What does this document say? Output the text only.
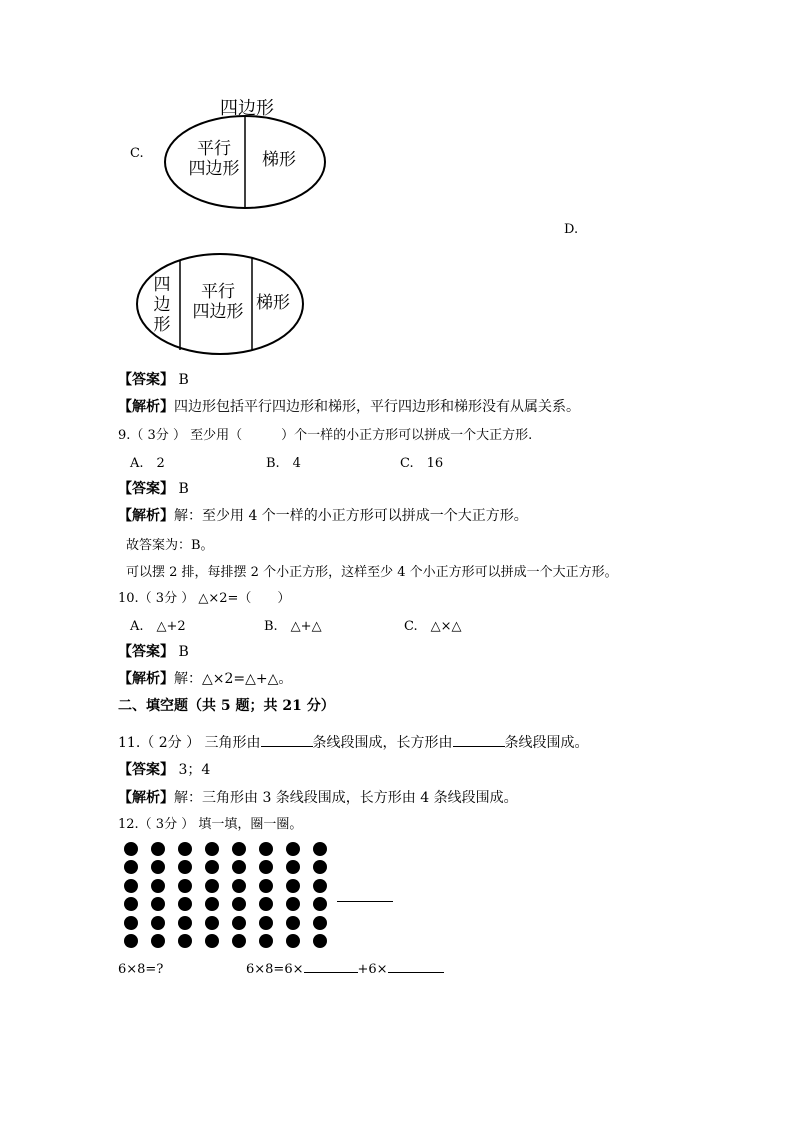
C.
四边形
平行
四边形	梯形
D.
四
边
形
平行
四边形 梯形
【答案】 B
【解析】四边形包括平行四边形和梯形，平行四边形和梯形没有从属关系。
9.（ 3分 ） 至少用（　　　）个一样的小正方形可以拼成一个大正方形.
A.　2	B.　4	C.　16
【答案】 B
【解析】解：至少用 4 个一样的小正方形可以拼成一个大正方形。
故答案为：B。
可以摆 2 排，每排摆 2 个小正方形，这样至少 4 个小正方形可以拼成一个大正方形。
10.（ 3分 ） △×2=（　　）
A.　△+2	B.　△+△	C.　△×△
【答案】 B
【解析】解：△×2=△+△。
二、填空题（共 5 题；共 21 分）
11.（ 2分 ） 三角形由	条线段围成，长方形由	条线段围成。
【答案】 3；4
【解析】解：三角形由 3 条线段围成，长方形由 4 条线段围成。
12.（ 3分 ） 填一填，圈一圈。
6×8=?	6×8=6×	+6×
